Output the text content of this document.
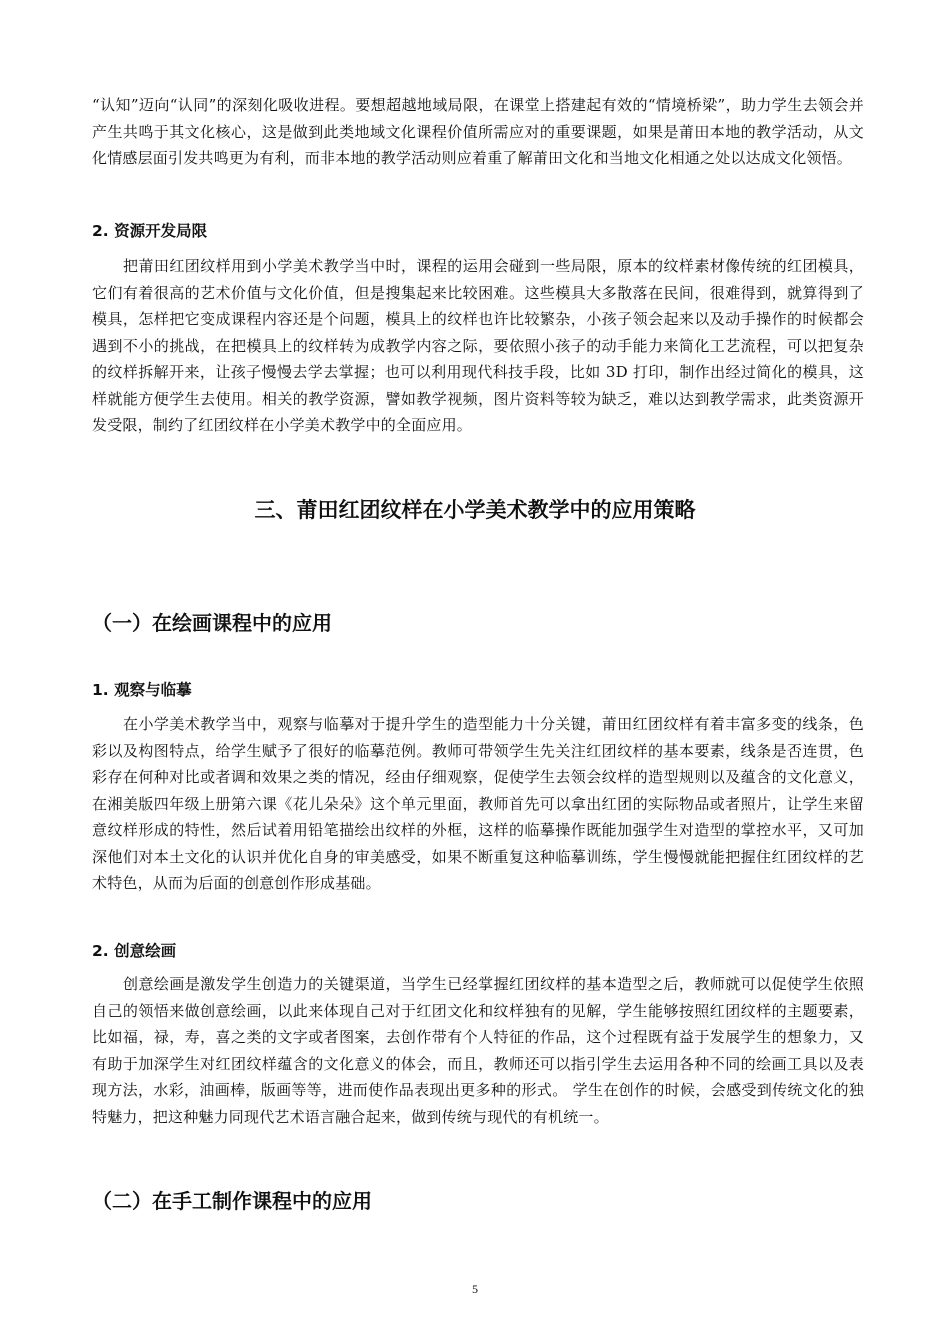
“认知”迈向“认同”的深刻化吸收进程。要想超越地域局限，在课堂上搭建起有效的“情境桥梁”，助力学生去领会并产生共鸣于其文化核心，这是做到此类地域文化课程价值所需应对的重要课题，如果是莆田本地的教学活动，从文化情感层面引发共鸣更为有利，而非本地的教学活动则应着重了解莆田文化和当地文化相通之处以达成文化领悟。

2. 资源开发局限

把莆田红团纹样用到小学美术教学当中时，课程的运用会碰到一些局限，原本的纹样素材像传统的红团模具，它们有着很高的艺术价值与文化价值，但是搜集起来比较困难。这些模具大多散落在民间，很难得到，就算得到了模具，怎样把它变成课程内容还是个问题，模具上的纹样也许比较繁杂，小孩子领会起来以及动手操作的时候都会遇到不小的挑战，在把模具上的纹样转为成教学内容之际，要依照小孩子的动手能力来简化工艺流程，可以把复杂的纹样拆解开来，让孩子慢慢去学去掌握；也可以利用现代科技手段，比如 3D 打印，制作出经过简化的模具，这样就能方便学生去使用。相关的教学资源，譬如教学视频，图片资料等较为缺乏，难以达到教学需求，此类资源开发受限，制约了红团纹样在小学美术教学中的全面应用。

三、莆田红团纹样在小学美术教学中的应用策略
（一）在绘画课程中的应用
1. 观察与临摹

在小学美术教学当中，观察与临摹对于提升学生的造型能力十分关键，莆田红团纹样有着丰富多变的线条，色彩以及构图特点，给学生赋予了很好的临摹范例。教师可带领学生先关注红团纹样的基本要素，线条是否连贯，色彩存在何种对比或者调和效果之类的情况，经由仔细观察，促使学生去领会纹样的造型规则以及蕴含的文化意义，在湘美版四年级上册第六课《花儿朵朵》这个单元里面，教师首先可以拿出红团的实际物品或者照片，让学生来留意纹样形成的特性，然后试着用铅笔描绘出纹样的外框，这样的临摹操作既能加强学生对造型的掌控水平，又可加深他们对本土文化的认识并优化自身的审美感受，如果不断重复这种临摹训练，学生慢慢就能把握住红团纹样的艺术特色，从而为后面的创意创作形成基础。

2. 创意绘画

创意绘画是激发学生创造力的关键渠道，当学生已经掌握红团纹样的基本造型之后，教师就可以促使学生依照自己的领悟来做创意绘画，以此来体现自己对于红团文化和纹样独有的见解，学生能够按照红团纹样的主题要素，比如福，禄，寿，喜之类的文字或者图案，去创作带有个人特征的作品，这个过程既有益于发展学生的想象力，又有助于加深学生对红团纹样蕴含的文化意义的体会，而且，教师还可以指引学生去运用各种不同的绘画工具以及表现方法，水彩，油画棒，版画等等，进而使作品表现出更多种的形式。 学生在创作的时候，会感受到传统文化的独特魅力，把这种魅力同现代艺术语言融合起来，做到传统与现代的有机统一。

（二）在手工制作课程中的应用
5
